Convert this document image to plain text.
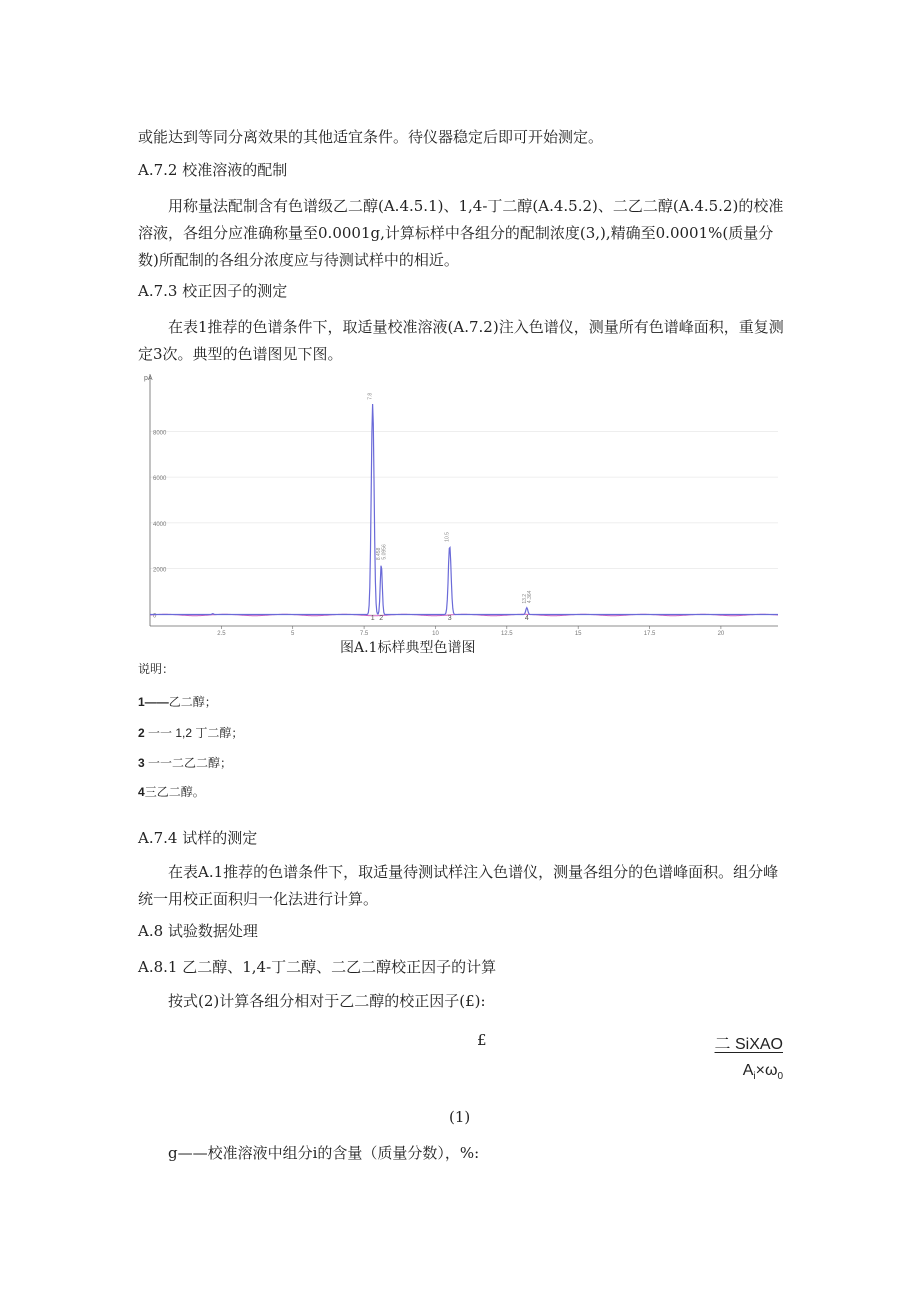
或能达到等同分离效果的其他适宜条件。待仪器稳定后即可开始测定。

A.7.2 校准溶液的配制

用称量法配制含有色谱级乙二醇(A.4.5.1)、1,4-丁二醇(A.4.5.2)、二乙二醇(A.4.5.2)的校准溶液，各组分应准确称量至0.0001g,计算标样中各组分的配制浓度(3,),精确至0.0001%(质量分数)所配制的各组分浓度应与待测试样中的相近。

A.7.3 校正因子的测定

在表1推荐的色谱条件下，取适量校准溶液(A.7.2)注入色谱仪，测量所有色谱峰面积，重复测定3次。典型的色谱图见下图。

0
2000
4000
6000
8000
2.5	5	7.5	10	12.5	15	17.5	20
1
7.8
2
8.458
3
10.5
4
13.2
5.0956
4.364
pA
图A.1标样典型色谱图
说明：
1——乙二醇；
2 一一 1,2 丁二醇；
3 一一二乙二醇；
4三乙二醇。

A.7.4 试样的测定

在表A.1推荐的色谱条件下，取适量待测试样注入色谱仪，测量各组分的色谱峰面积。组分峰统一用校正面积归一化法进行计算。

A.8 试验数据处理

A.8.1 乙二醇、1,4-丁二醇、二乙二醇校正因子的计算

按式(2)计算各组分相对于乙二醇的校正因子(£):

£	二 SiXAO
$A_i\times\omega_0$
(1)

g——校准溶液中组分i的含量（质量分数），%:
